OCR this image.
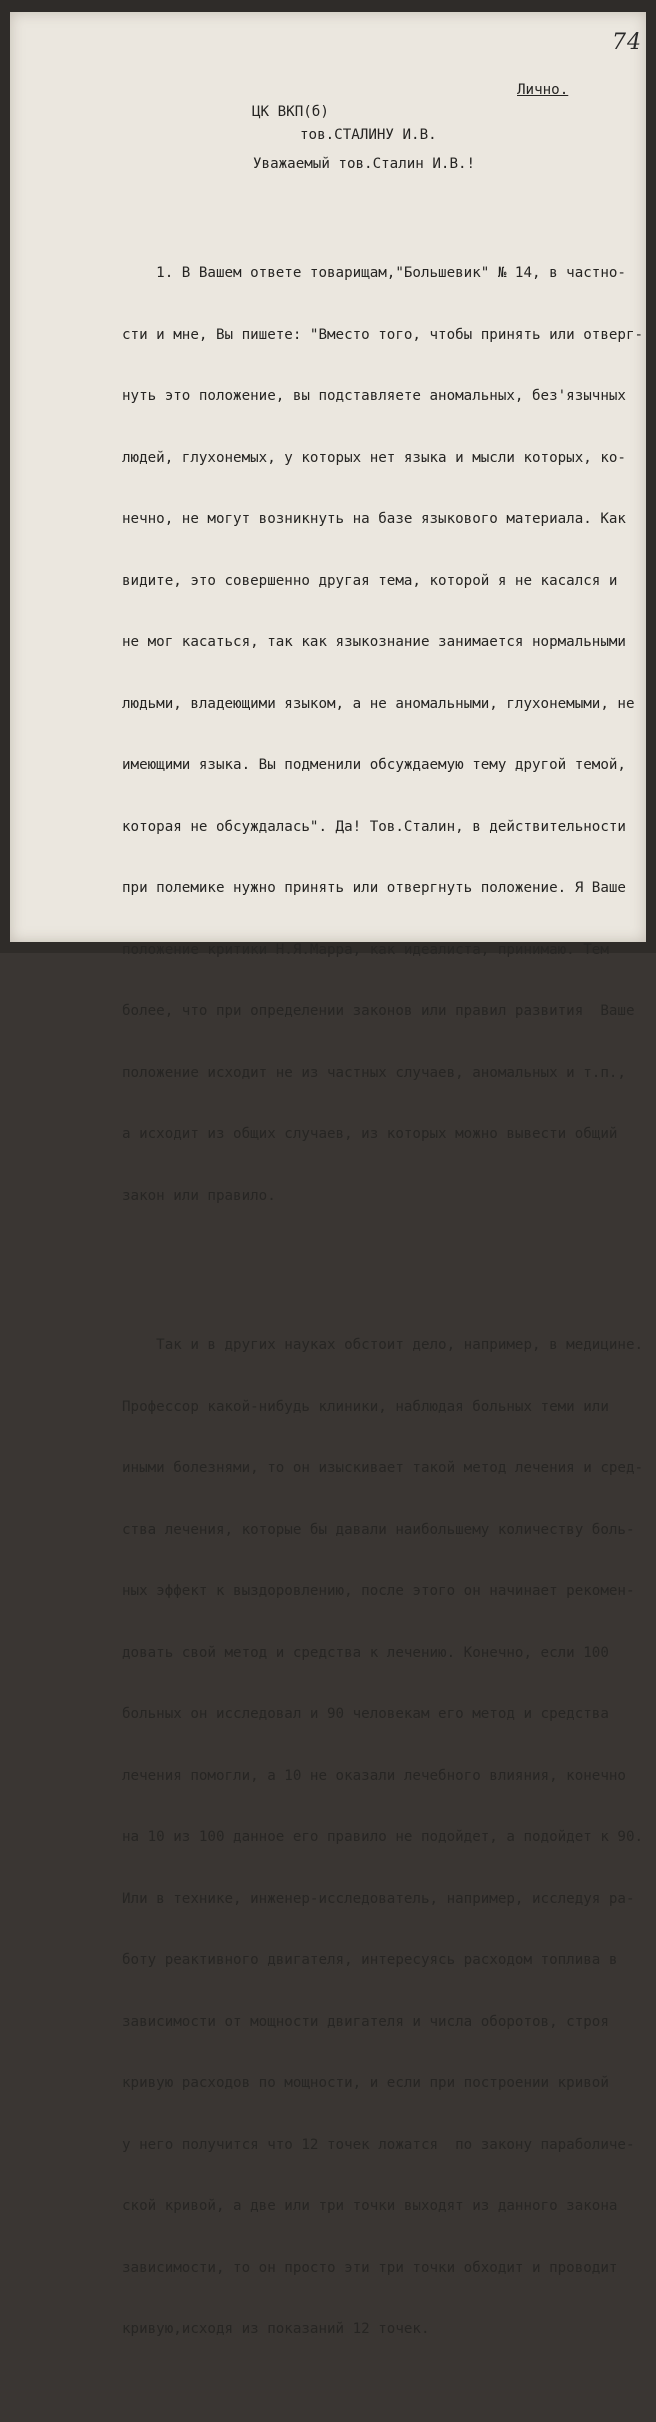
74
Лично.
ЦК ВКП(б)
тов.СТАЛИНУ И.В.
Уважаемый тов.Сталин И.В.!

1. В Вашем ответе товарищам,"Большевик" № 14, в частно-

сти и мне, Вы пишете: "Вместо того, чтобы принять или отверг-

нуть это положение, вы подставляете аномальных, без'язычных

людей, глухонемых, у которых нет языка и мысли которых, ко-

нечно, не могут возникнуть на базе языкового материала. Как

видите, это совершенно другая тема, которой я не касался и

не мог касаться, так как языкознание занимается нормальными

людьми, владеющими языком, а не аномальными, глухонемыми, не

имеющими языка. Вы подменили обсуждаемую тему другой темой,

которая не обсуждалась". Да! Тов.Сталин, в действительности

при полемике нужно принять или отвергнуть положение. Я Ваше

положение критики Н.Я.Марра, как идеалиста, принимаю. Тем

более, что при определении законов или правил развития  Ваше

положение исходит не из частных случаев, аномальных и т.п.,

а исходит из общих случаев, из которых можно вывести общий

закон или правило.

Так и в других науках обстоит дело, например, в медицине.

Профессор какой-нибудь клиники, наблюдая больных теми или

иными болезнями, то он изыскивает такой метод лечения и сред-

ства лечения, которые бы давали наибольшему количеству боль-

ных эффект к выздоровлению, после этого он начинает рекомен-

довать свой метод и средства к лечению. Конечно, если 100

больных он исследовал и 90 человекам его метод и средства

лечения помогли, а 10 не оказали лечебного влияния, конечно

на 10 из 100 данное его правило не подойдет, а подойдет к 90.

Или в технике, инженер-исследователь, например, исследуя ра-

боту реактивного двигателя, интересуясь расходом топлива в

зависимости от мощности двигателя и числа оборотов, строя

кривую расходов по мощности, и если при построении кривой

у него получится что 12 точек ложатся  по закону параболиче-

ской кривой, а две или три точки выходят из данного закона

зависимости, то он просто эти три точки обходит и проводит

кривую,исходя из показаний 12 точек.
